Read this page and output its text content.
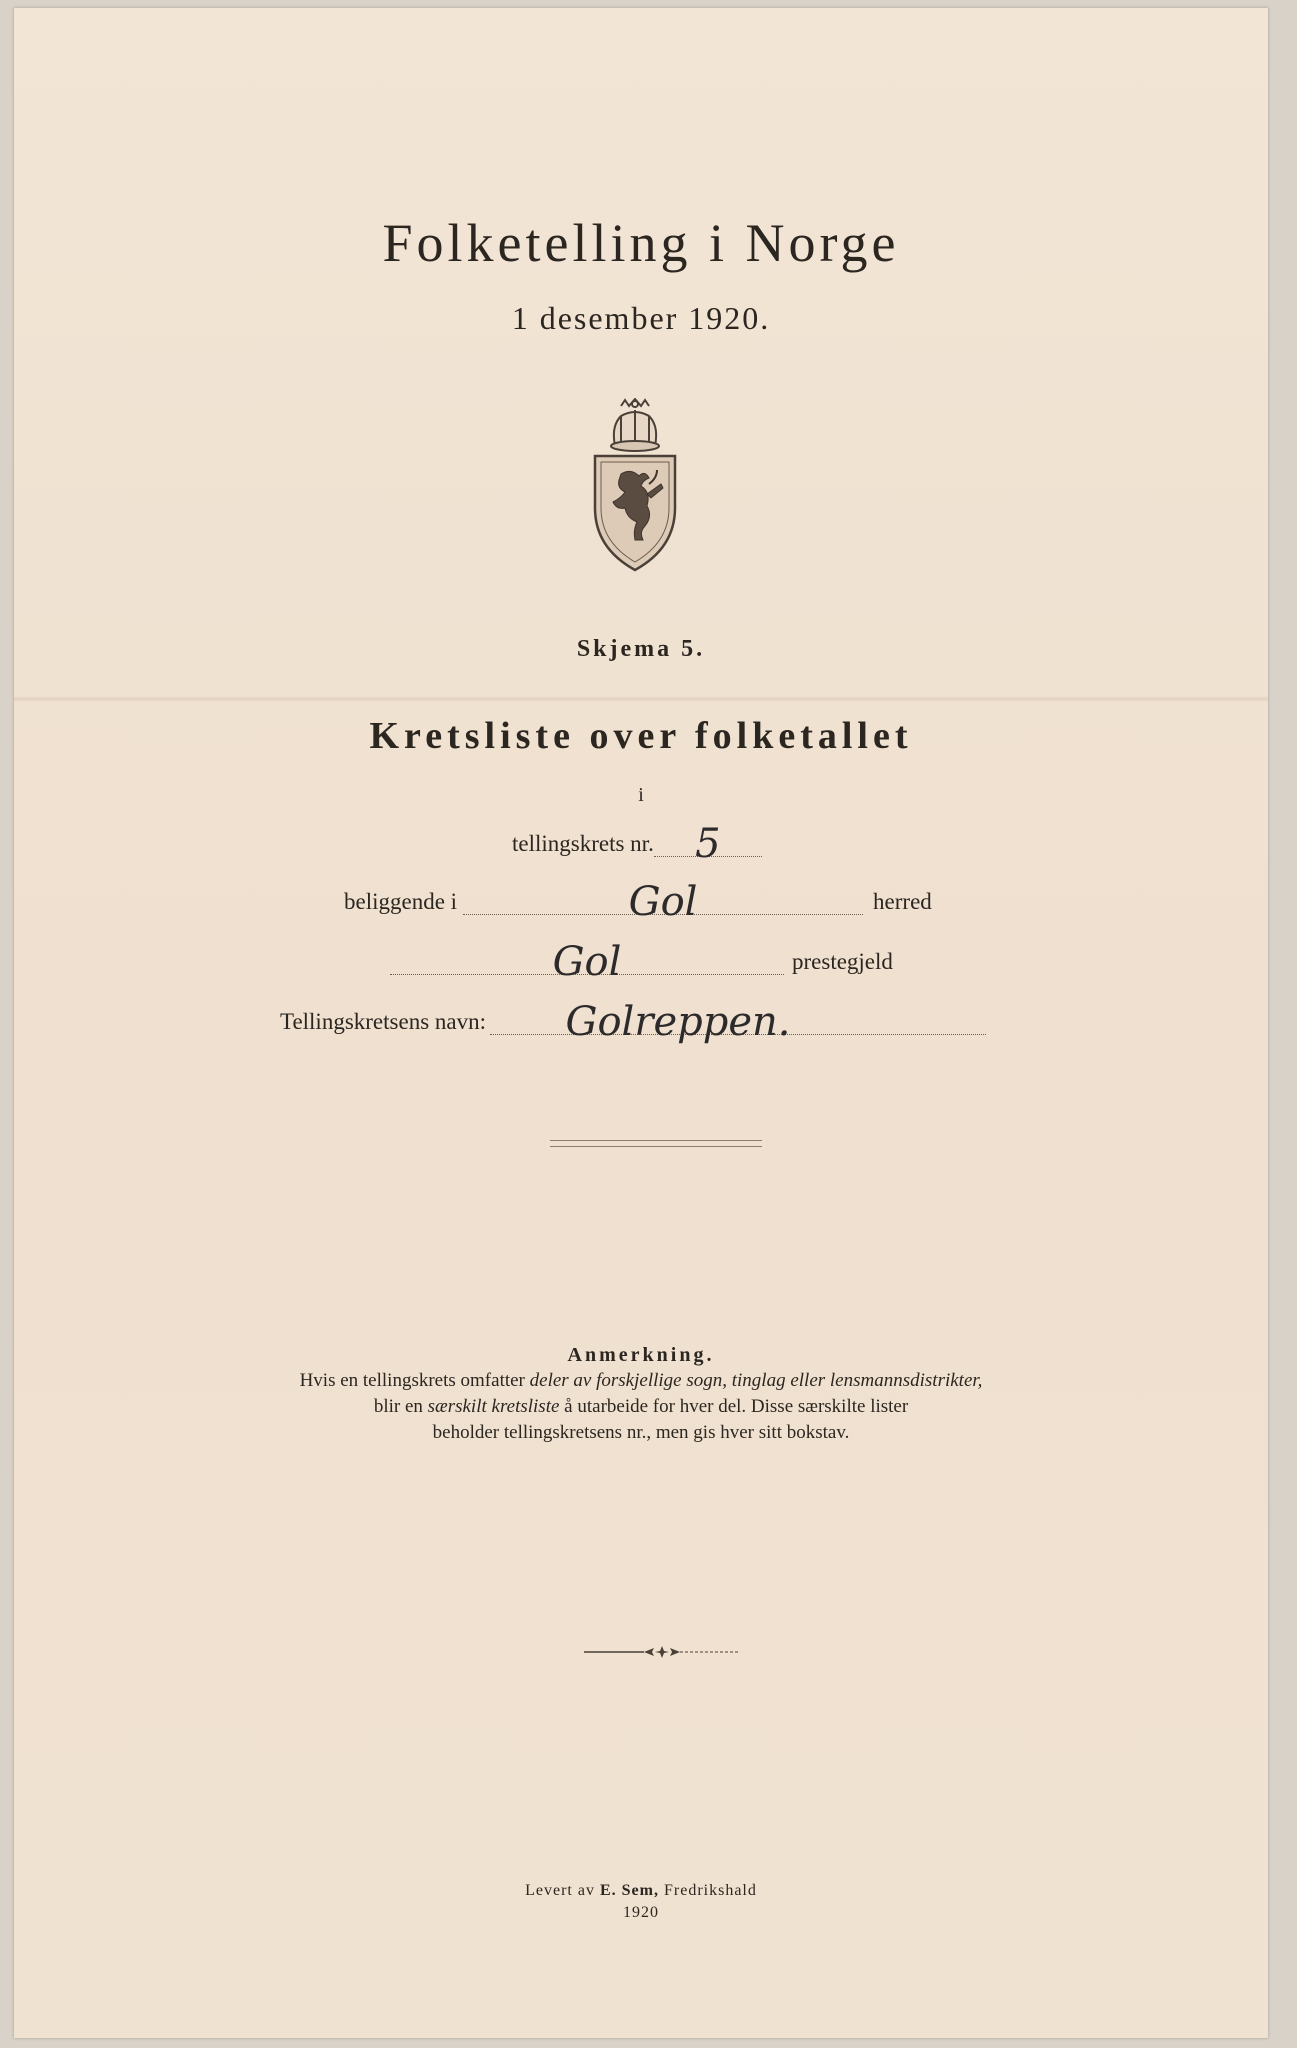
Folketelling i Norge
1 desember 1920.
Skjema 5.
Kretsliste over folketallet
i
tellingskrets nr. 5
beliggende i	Gol	herred
Gol	prestegjeld
Tellingskretsens navn: Golreppen.
Anmerkning.
Hvis en tellingskrets omfatter deler av forskjellige sogn, tinglag eller lensmannsdistrikter,
blir en særskilt kretsliste å utarbeide for hver del. Disse særskilte lister
beholder tellingskretsens nr., men gis hver sitt bokstav.
Levert av E. Sem, Fredrikshald
1920
